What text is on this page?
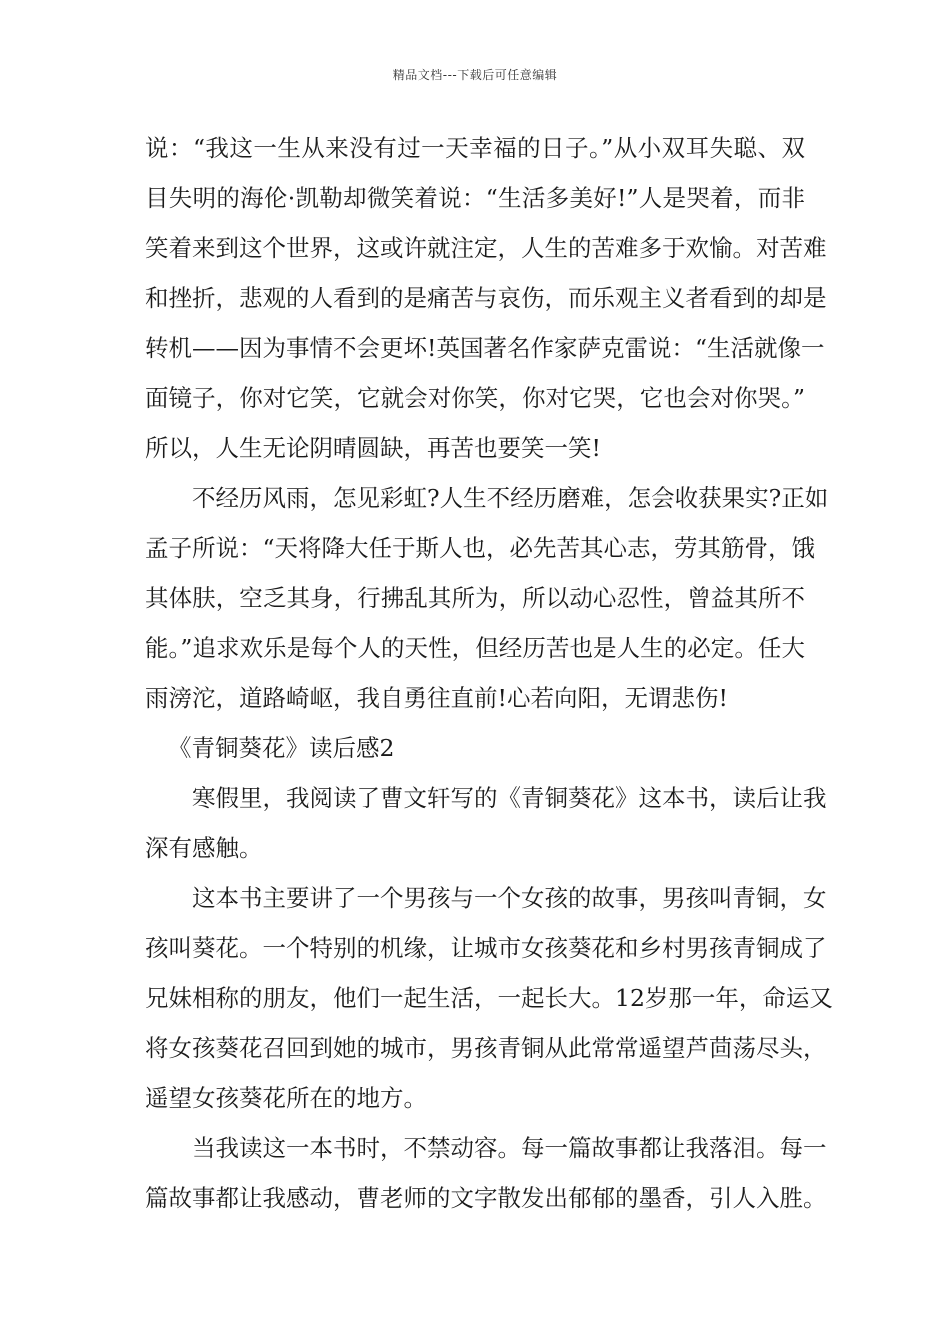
精品文档---下载后可任意编辑
说：“我这一生从来没有过一天幸福的日子。”从小双耳失聪、双
目失明的海伦·凯勒却微笑着说：“生活多美好!”人是哭着，而非
笑着来到这个世界，这或许就注定，人生的苦难多于欢愉。对苦难
和挫折，悲观的人看到的是痛苦与哀伤，而乐观主义者看到的却是
转机——因为事情不会更坏!英国著名作家萨克雷说：“生活就像一
面镜子，你对它笑，它就会对你笑，你对它哭，它也会对你哭。”
所以，人生无论阴晴圆缺，再苦也要笑一笑!
不经历风雨，怎见彩虹?人生不经历磨难，怎会收获果实?正如
孟子所说：“天将降大任于斯人也，必先苦其心志，劳其筋骨，饿
其体肤，空乏其身，行拂乱其所为，所以动心忍性，曾益其所不
能。”追求欢乐是每个人的天性，但经历苦也是人生的必定。任大
雨滂沱，道路崎岖，我自勇往直前!心若向阳，无谓悲伤!
《青铜葵花》读后感2
寒假里，我阅读了曹文轩写的《青铜葵花》这本书，读后让我
深有感触。
这本书主要讲了一个男孩与一个女孩的故事，男孩叫青铜，女
孩叫葵花。一个特别的机缘，让城市女孩葵花和乡村男孩青铜成了
兄妹相称的朋友，他们一起生活，一起长大。12岁那一年，命运又
将女孩葵花召回到她的城市，男孩青铜从此常常遥望芦茴荡尽头，
遥望女孩葵花所在的地方。
当我读这一本书时，不禁动容。每一篇故事都让我落泪。每一
篇故事都让我感动，曹老师的文字散发出郁郁的墨香，引人入胜。
